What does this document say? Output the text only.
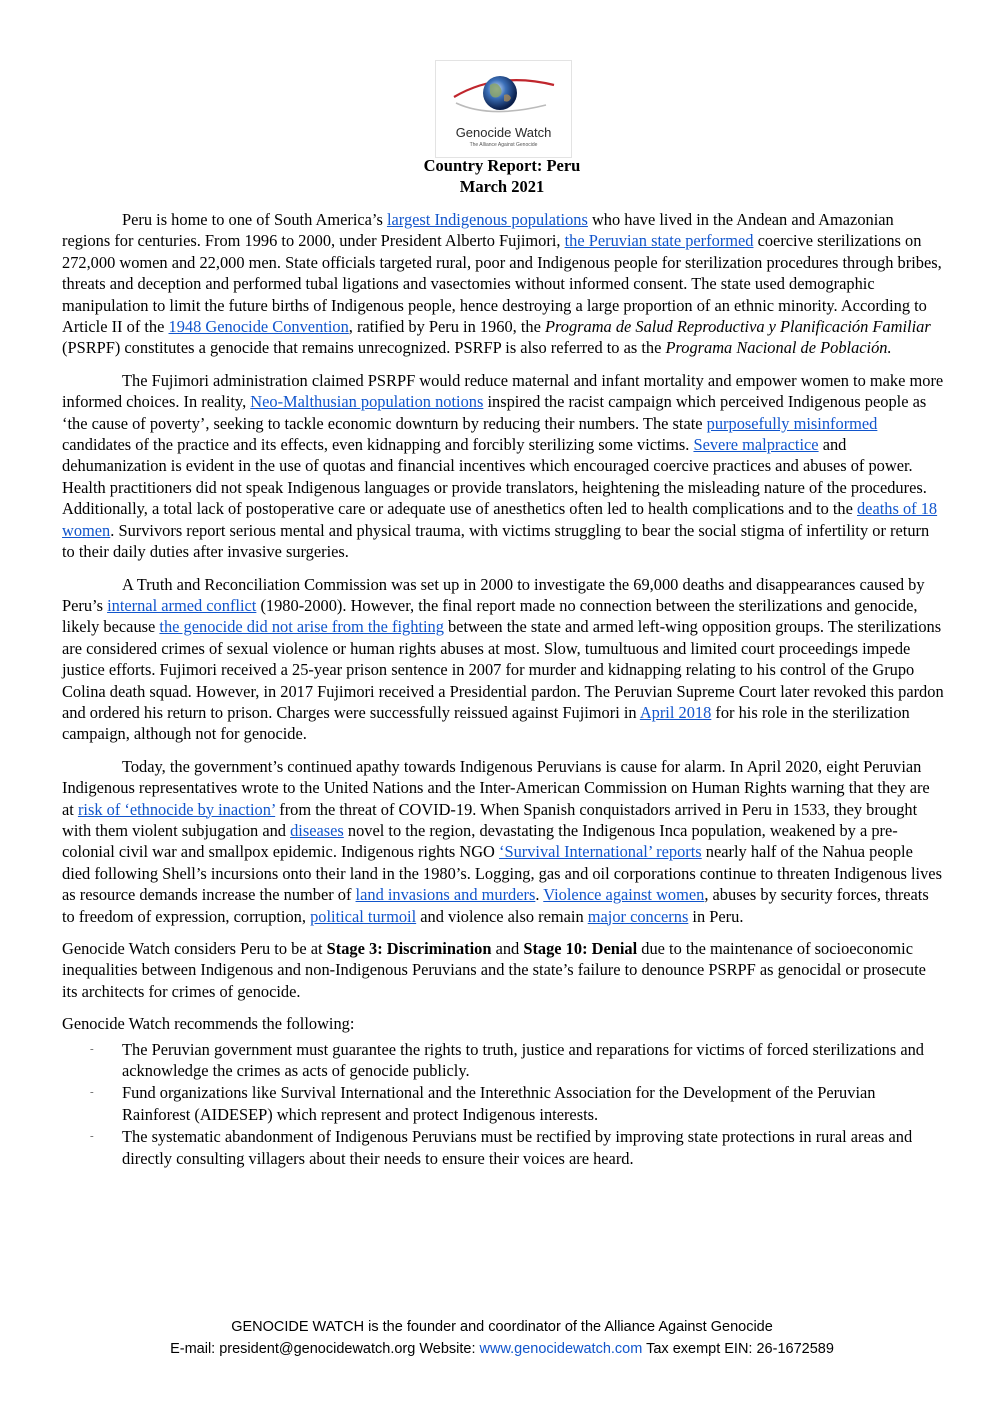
Genocide Watch
The Alliance Against Genocide
Country Report: Peru
March 2021

Peru is home to one of South America’s largest Indigenous populations who have lived in the Andean and Amazonian regions for centuries. From 1996 to 2000, under President Alberto Fujimori, the Peruvian state performed coercive sterilizations on 272,000 women and 22,000 men. State officials targeted rural, poor and Indigenous people for sterilization procedures through bribes, threats and deception and performed tubal ligations and vasectomies without informed consent. The state used demographic manipulation to limit the future births of Indigenous people, hence destroying a large proportion of an ethnic minority. According to Article II of the 1948 Genocide Convention, ratified by Peru in 1960, the Programa de Salud Reproductiva y Planificación Familiar (PSRPF) constitutes a genocide that remains unrecognized. PSRFP is also referred to as the Programa Nacional de Población.

The Fujimori administration claimed PSRPF would reduce maternal and infant mortality and empower women to make more informed choices. In reality, Neo-Malthusian population notions inspired the racist campaign which perceived Indigenous people as ‘the cause of poverty’, seeking to tackle economic downturn by reducing their numbers. The state purposefully misinformed candidates of the practice and its effects, even kidnapping and forcibly sterilizing some victims. Severe malpractice and dehumanization is evident in the use of quotas and financial incentives which encouraged coercive practices and abuses of power. Health practitioners did not speak Indigenous languages or provide translators, heightening the misleading nature of the procedures. Additionally, a total lack of postoperative care or adequate use of anesthetics often led to health complications and to the deaths of 18 women. Survivors report serious mental and physical trauma, with victims struggling to bear the social stigma of infertility or return to their daily duties after invasive surgeries.

A Truth and Reconciliation Commission was set up in 2000 to investigate the 69,000 deaths and disappearances caused by Peru’s internal armed conflict (1980-2000). However, the final report made no connection between the sterilizations and genocide, likely because the genocide did not arise from the fighting between the state and armed left-wing opposition groups. The sterilizations are considered crimes of sexual violence or human rights abuses at most. Slow, tumultuous and limited court proceedings impede justice efforts. Fujimori received a 25-year prison sentence in 2007 for murder and kidnapping relating to his control of the Grupo Colina death squad. However, in 2017 Fujimori received a Presidential pardon. The Peruvian Supreme Court later revoked this pardon and ordered his return to prison. Charges were successfully reissued against Fujimori in April 2018 for his role in the sterilization campaign, although not for genocide.

Today, the government’s continued apathy towards Indigenous Peruvians is cause for alarm. In April 2020, eight Peruvian Indigenous representatives wrote to the United Nations and the Inter-American Commission on Human Rights warning that they are at risk of ‘ethnocide by inaction’ from the threat of COVID-19. When Spanish conquistadors arrived in Peru in 1533, they brought with them violent subjugation and diseases novel to the region, devastating the Indigenous Inca population, weakened by a pre-colonial civil war and smallpox epidemic. Indigenous rights NGO ‘Survival International’ reports nearly half of the Nahua people died following Shell’s incursions onto their land in the 1980’s. Logging, gas and oil corporations continue to threaten Indigenous lives as resource demands increase the number of land invasions and murders. Violence against women, abuses by security forces, threats to freedom of expression, corruption, political turmoil and violence also remain major concerns in Peru.

Genocide Watch considers Peru to be at Stage 3: Discrimination and Stage 10: Denial due to the maintenance of socioeconomic inequalities between Indigenous and non-Indigenous Peruvians and the state’s failure to denounce PSRPF as genocidal or prosecute its architects for crimes of genocide.

Genocide Watch recommends the following:

- The Peruvian government must guarantee the rights to truth, justice and reparations for victims of forced sterilizations and acknowledge the crimes as acts of genocide publicly.
- Fund organizations like Survival International and the Interethnic Association for the Development of the Peruvian Rainforest (AIDESEP) which represent and protect Indigenous interests.
- The systematic abandonment of Indigenous Peruvians must be rectified by improving state protections in rural areas and directly consulting villagers about their needs to ensure their voices are heard.
GENOCIDE WATCH is the founder and coordinator of the Alliance Against Genocide
E-mail: president@genocidewatch.org Website: www.genocidewatch.com Tax exempt EIN: 26-1672589
